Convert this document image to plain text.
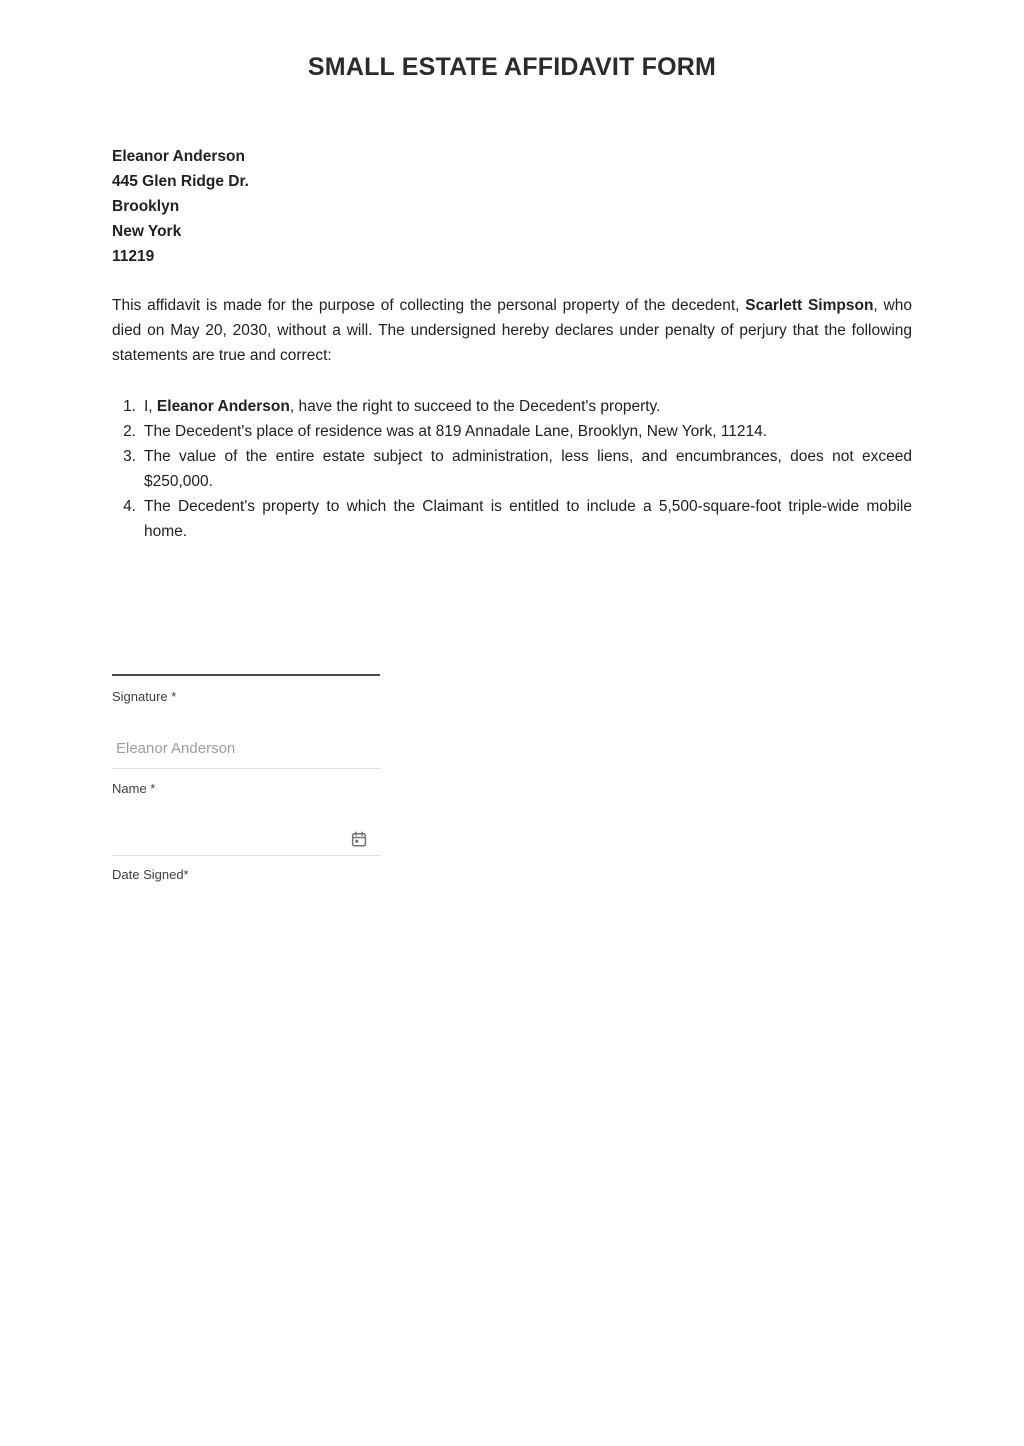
SMALL ESTATE AFFIDAVIT FORM
Eleanor Anderson
445 Glen Ridge Dr.
Brooklyn
New York
11219

This affidavit is made for the purpose of collecting the personal property of the decedent, Scarlett Simpson, who died on May 20, 2030, without a will. The undersigned hereby declares under penalty of perjury that the following statements are true and correct:

1. I, Eleanor Anderson, have the right to succeed to the Decedent's property.
2. The Decedent's place of residence was at 819 Annadale Lane, Brooklyn, New York, 11214.
3. The value of the entire estate subject to administration, less liens, and encumbrances, does not exceed $250,000.
4. The Decedent's property to which the Claimant is entitled to include a 5,500-square-foot triple-wide mobile home.
Signature *
Eleanor Anderson
Name *
Date Signed*
